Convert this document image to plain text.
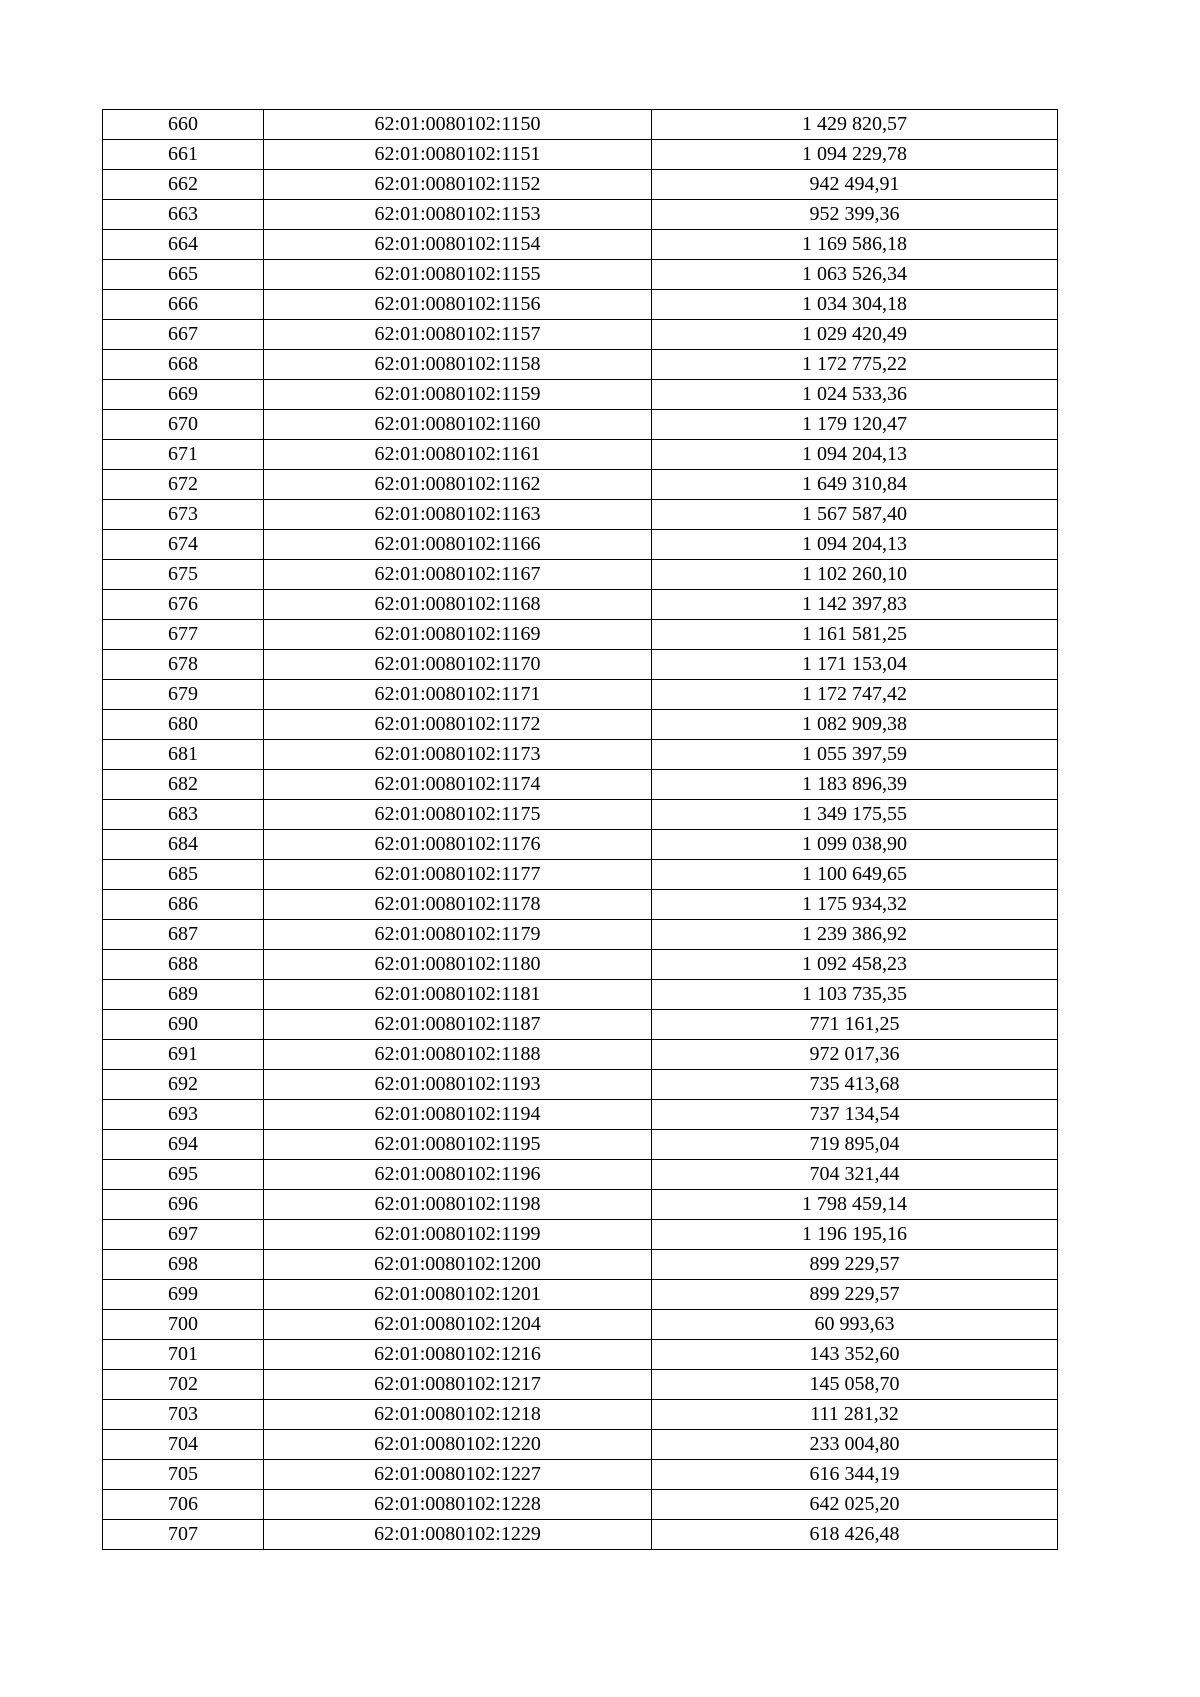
660	62:01:0080102:1150	1 429 820,57
661	62:01:0080102:1151	1 094 229,78
662	62:01:0080102:1152	942 494,91
663	62:01:0080102:1153	952 399,36
664	62:01:0080102:1154	1 169 586,18
665	62:01:0080102:1155	1 063 526,34
666	62:01:0080102:1156	1 034 304,18
667	62:01:0080102:1157	1 029 420,49
668	62:01:0080102:1158	1 172 775,22
669	62:01:0080102:1159	1 024 533,36
670	62:01:0080102:1160	1 179 120,47
671	62:01:0080102:1161	1 094 204,13
672	62:01:0080102:1162	1 649 310,84
673	62:01:0080102:1163	1 567 587,40
674	62:01:0080102:1166	1 094 204,13
675	62:01:0080102:1167	1 102 260,10
676	62:01:0080102:1168	1 142 397,83
677	62:01:0080102:1169	1 161 581,25
678	62:01:0080102:1170	1 171 153,04
679	62:01:0080102:1171	1 172 747,42
680	62:01:0080102:1172	1 082 909,38
681	62:01:0080102:1173	1 055 397,59
682	62:01:0080102:1174	1 183 896,39
683	62:01:0080102:1175	1 349 175,55
684	62:01:0080102:1176	1 099 038,90
685	62:01:0080102:1177	1 100 649,65
686	62:01:0080102:1178	1 175 934,32
687	62:01:0080102:1179	1 239 386,92
688	62:01:0080102:1180	1 092 458,23
689	62:01:0080102:1181	1 103 735,35
690	62:01:0080102:1187	771 161,25
691	62:01:0080102:1188	972 017,36
692	62:01:0080102:1193	735 413,68
693	62:01:0080102:1194	737 134,54
694	62:01:0080102:1195	719 895,04
695	62:01:0080102:1196	704 321,44
696	62:01:0080102:1198	1 798 459,14
697	62:01:0080102:1199	1 196 195,16
698	62:01:0080102:1200	899 229,57
699	62:01:0080102:1201	899 229,57
700	62:01:0080102:1204	60 993,63
701	62:01:0080102:1216	143 352,60
702	62:01:0080102:1217	145 058,70
703	62:01:0080102:1218	111 281,32
704	62:01:0080102:1220	233 004,80
705	62:01:0080102:1227	616 344,19
706	62:01:0080102:1228	642 025,20
707	62:01:0080102:1229	618 426,48
